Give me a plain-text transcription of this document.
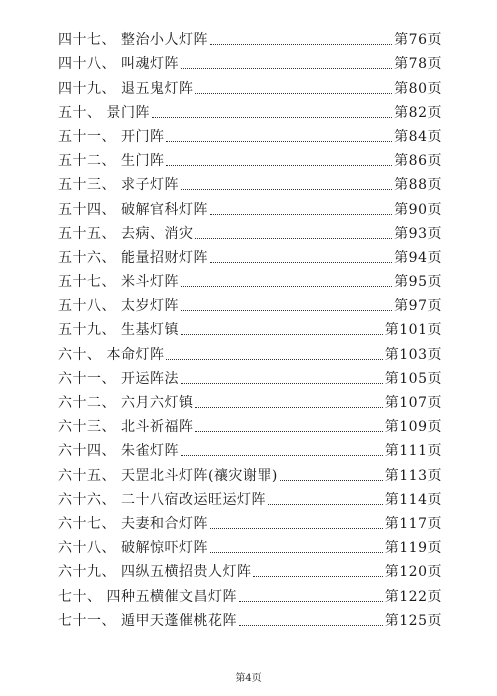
四十七、 整治小人灯阵	第76页
四十八、 叫魂灯阵	第78页
四十九、 退五鬼灯阵	第80页
五十、 景门阵	第82页
五十一、 开门阵	第84页
五十二、 生门阵	第86页
五十三、 求子灯阵	第88页
五十四、 破解官科灯阵	第90页
五十五、 去病、消灾	第93页
五十六、 能量招财灯阵	第94页
五十七、 米斗灯阵	第95页
五十八、 太岁灯阵	第97页
五十九、 生基灯镇	第101页
六十、 本命灯阵	第103页
六十一、 开运阵法	第105页
六十二、 六月六灯镇	第107页
六十三、 北斗祈福阵	第109页
六十四、 朱雀灯阵	第111页
六十五、 天罡北斗灯阵(禳灾谢罪)	第113页
六十六、 二十八宿改运旺运灯阵	第114页
六十七、 夫妻和合灯阵	第117页
六十八、 破解惊吓灯阵	第119页
六十九、 四纵五横招贵人灯阵	第120页
七十、 四种五横催文昌灯阵	第122页
七十一、 遁甲天蓬催桃花阵	第125页
第4页
